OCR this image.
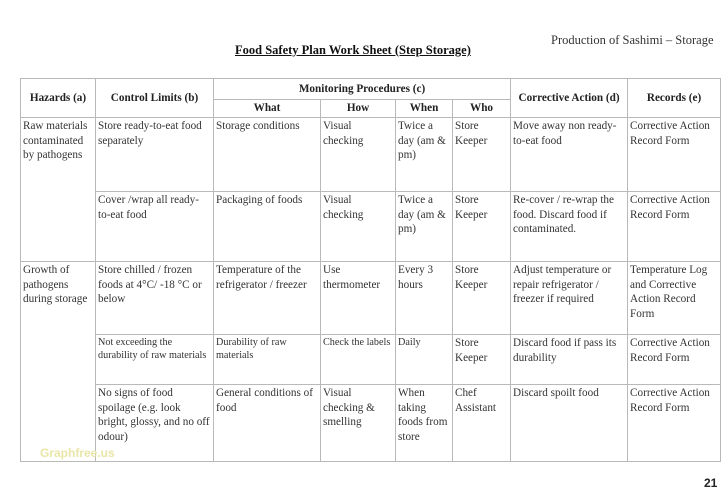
Production of Sashimi – Storage
Food Safety Plan Work Sheet (Step Storage)
Hazards (a)	Control Limits (b)	Monitoring Procedures (c)				Corrective Action (d)	Records (e)
		What	How	When	Who		
Raw materials contaminated by pathogens	Store ready-to-eat food separately	Storage conditions	Visual checking	Twice a day (am & pm)	Store Keeper	Move away non ready-to-eat food	Corrective Action Record Form
	Cover /wrap all ready-to-eat food	Packaging of foods	Visual checking	Twice a day (am & pm)	Store Keeper	Re-cover / re-wrap the food. Discard food if contaminated.	Corrective Action Record Form
Growth of pathogens during storage	Store chilled / frozen foods at 4°C/ -18 °C or below	Temperature of the refrigerator / freezer	Use thermometer	Every 3 hours	Store Keeper	Adjust temperature or repair refrigerator / freezer if required	Temperature Log and Corrective Action Record Form
	Not exceeding the durability of raw materials	Durability of raw materials	Check the labels	Daily	Store Keeper	Discard food if pass its durability	Corrective Action Record Form
	No signs of food spoilage (e.g. look bright, glossy, and no off odour)	General conditions of food	Visual checking & smelling	When taking foods from store	Chef Assistant	Discard spoilt food	Corrective Action Record Form
Graphfree.us
21
